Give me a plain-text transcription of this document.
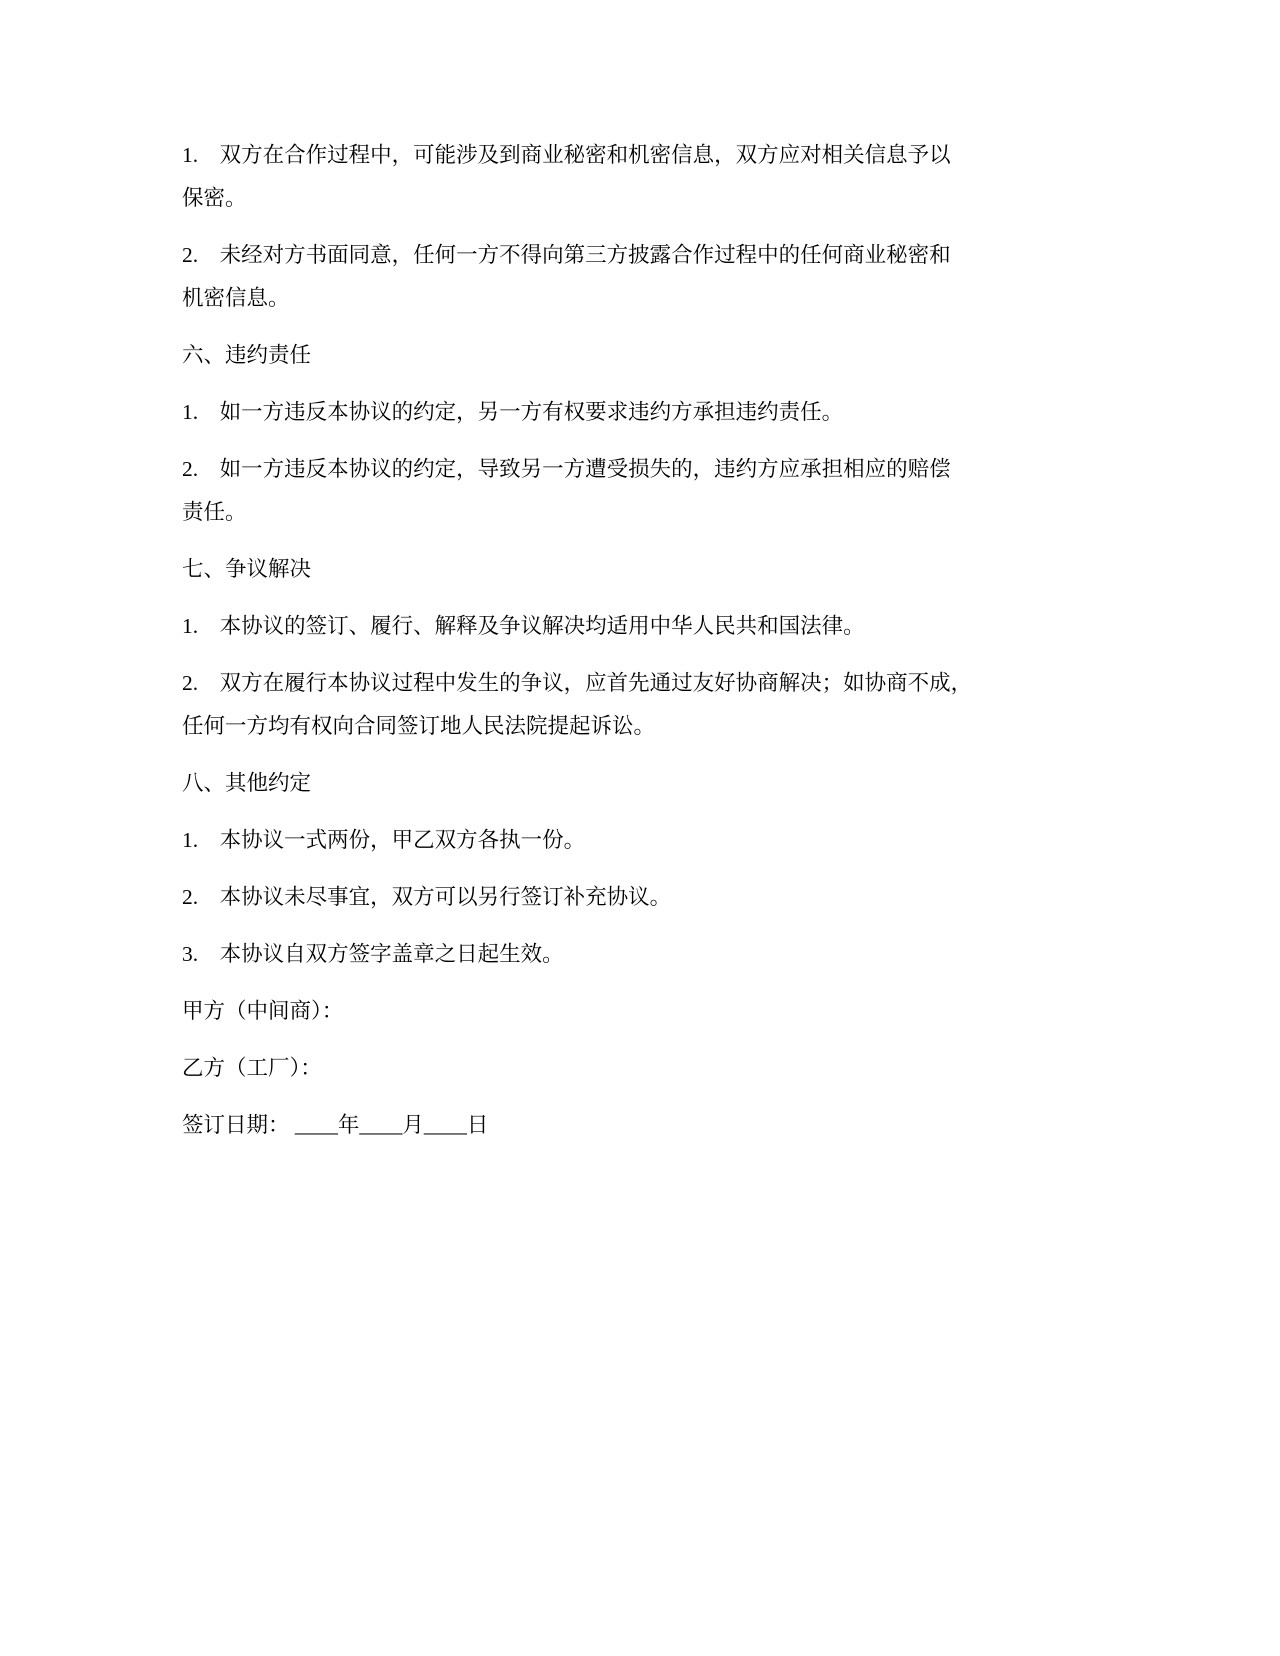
1.　双方在合作过程中，可能涉及到商业秘密和机密信息，双方应对相关信息予以
保密。

2.　未经对方书面同意，任何一方不得向第三方披露合作过程中的任何商业秘密和
机密信息。

六、违约责任

1.　如一方违反本协议的约定，另一方有权要求违约方承担违约责任。

2.　如一方违反本协议的约定，导致另一方遭受损失的，违约方应承担相应的赔偿
责任。

七、争议解决

1.　本协议的签订、履行、解释及争议解决均适用中华人民共和国法律。

2.　双方在履行本协议过程中发生的争议，应首先通过友好协商解决；如协商不成，
任何一方均有权向合同签订地人民法院提起诉讼。

八、其他约定

1.　本协议一式两份，甲乙双方各执一份。

2.　本协议未尽事宜，双方可以另行签订补充协议。

3.　本协议自双方签字盖章之日起生效。

甲方（中间商）：

乙方（工厂）：

签订日期： ____年____月____日
